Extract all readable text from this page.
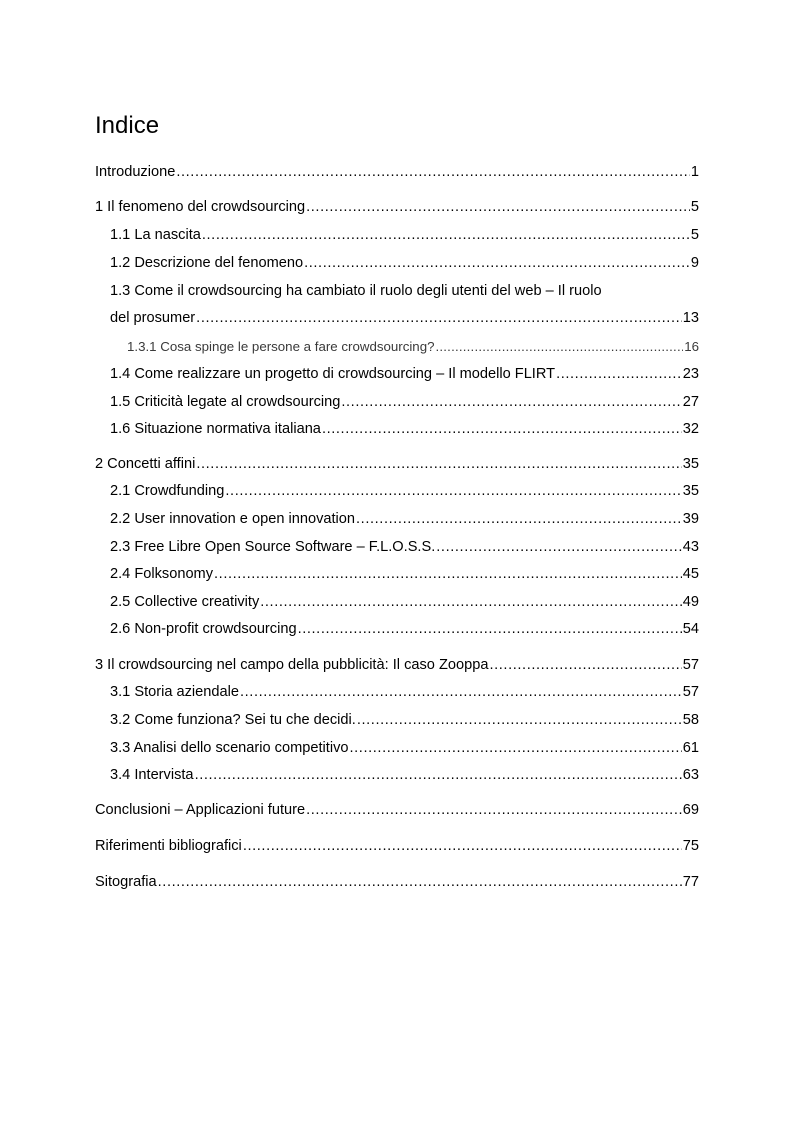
Indice
Introduzione .....	1
1 Il fenomeno del crowdsourcing .....	5
1.1 La nascita .....	5
1.2 Descrizione del fenomeno .....	9
1.3 Come il crowdsourcing ha cambiato il ruolo degli utenti del web – Il ruolo
del prosumer .....	13
1.3.1 Cosa spinge le persone a fare crowdsourcing? .....	16
1.4 Come realizzare un progetto di crowdsourcing – Il modello FLIRT .....	23
1.5 Criticità legate al crowdsourcing .....	27
1.6 Situazione normativa italiana .....	32
2 Concetti affini .....	35
2.1 Crowdfunding .....	35
2.2 User innovation e open innovation .....	39
2.3 Free Libre Open Source Software – F.L.O.S.S. .....	43
2.4 Folksonomy .....	45
2.5 Collective creativity .....	49
2.6 Non-profit crowdsourcing .....	54
3 Il crowdsourcing nel campo della pubblicità: Il caso Zooppa .....	57
3.1 Storia aziendale .....	57
3.2 Come funziona? Sei tu che decidi. .....	58
3.3 Analisi dello scenario competitivo .....	61
3.4 Intervista .....	63
Conclusioni – Applicazioni future .....	69
Riferimenti bibliografici .....	75
Sitografia .....	77
